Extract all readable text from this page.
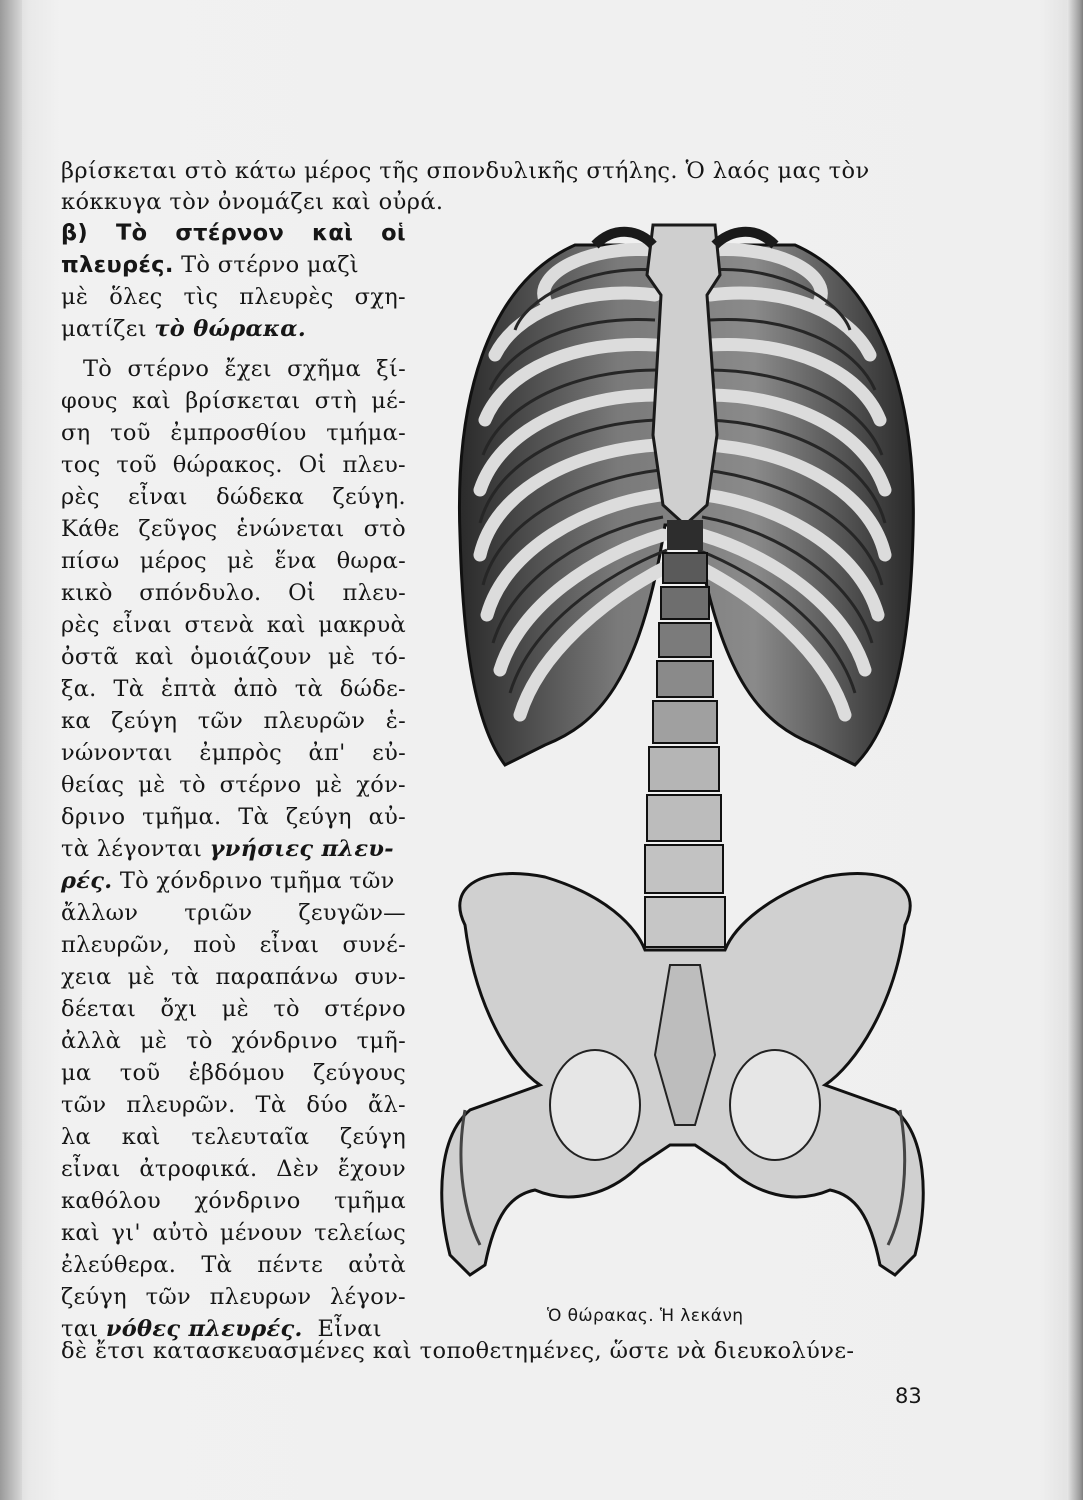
βρίσκεται στὸ κάτω μέρος τῆς σπονδυλικῆς στήλης. Ὁ λαός μας τὸν
κόκκυγα τὸν ὀνομάζει καὶ οὐρά.
β) Τὸ στέρνον καὶ οἱ
πλευρές.
Τὸ στέρνο μαζὶ
μὲ ὅλες τὶς πλευρὲς σχη-
ματίζει
τὸ θώρακα.
Τὸ στέρνο ἔχει σχῆμα ξί-
φους καὶ βρίσκεται στὴ μέ-
ση τοῦ ἐμπροσθίου τμήμα-
τος τοῦ θώρακος. Οἱ πλευ-
ρὲς εἶναι δώδεκα ζεύγη.
Κάθε ζεῦγος ἑνώνεται στὸ
πίσω μέρος μὲ ἕνα θωρα-
κικὸ σπόνδυλο. Οἱ πλευ-
ρὲς εἶναι στενὰ καὶ μακρυὰ
ὀστᾶ καὶ ὁμοιάζουν μὲ τό-
ξα. Τὰ ἑπτὰ ἀπὸ τὰ δώδε-
κα ζεύγη τῶν πλευρῶν ἑ-
νώνονται ἐμπρὸς ἀπ' εὐ-
θείας μὲ τὸ στέρνο μὲ χόν-
δρινο τμῆμα. Τὰ ζεύγη αὐ-
τὰ λέγονται
γνήσιες πλευ-
ρές.
Τὸ χόνδρινο τμῆμα τῶν
ἄλλων τριῶν ζευγῶν—
πλευρῶν, ποὺ εἶναι συνέ-
χεια μὲ τὰ παραπάνω συν-
δέεται ὄχι μὲ τὸ στέρνο
ἀλλὰ μὲ τὸ χόνδρινο τμῆ-
μα τοῦ ἑβδόμου ζεύγους
τῶν πλευρῶν. Τὰ δύο ἄλ-
λα καὶ τελευταῖα ζεύγη
εἶναι ἀτροφικά. Δὲν ἔχουν
καθόλου χόνδρινο τμῆμα
καὶ γι' αὐτὸ μένουν τελείως
ἐλεύθερα. Τὰ πέντε αὐτὰ
ζεύγη τῶν πλευρων λέγον-
ται
νόθες πλευρές.
Εἶναι
δὲ ἔτσι κατασκευασμένες καὶ τοποθετημένες, ὥστε νὰ διευκολύνε-
Ὁ θώρακας. Ἡ λεκάνη
83
